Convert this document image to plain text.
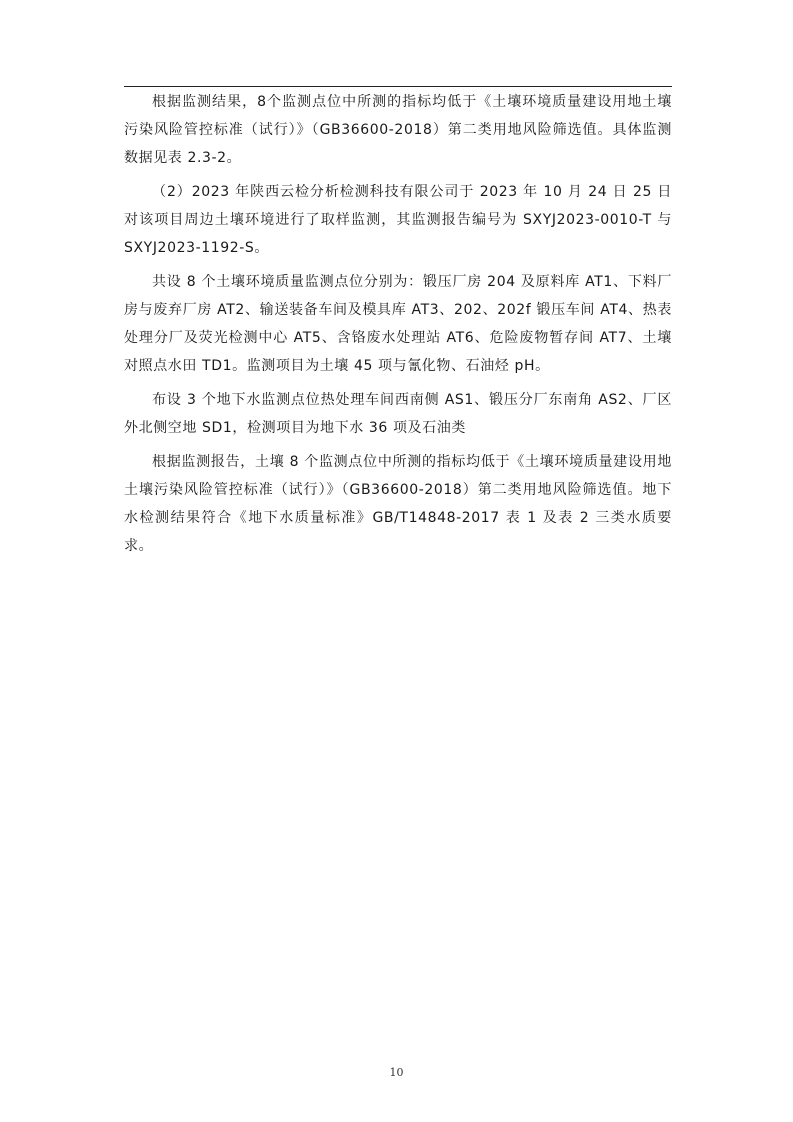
根据监测结果，8个监测点位中所测的指标均低于《土壤环境质量建设用地土壤污染风险管控标准（试行）》（GB36600-2018）第二类用地风险筛选值。具体监测数据见表 2.3-2。

（2）2023 年陕西云检分析检测科技有限公司于 2023 年 10 月 24 日 25 日对该项目周边土壤环境进行了取样监测，其监测报告编号为 SXYJ2023-0010-T 与 SXYJ2023-1192-S。

共设 8 个土壤环境质量监测点位分别为：锻压厂房 204 及原料库 AT1、下料厂房与废弃厂房 AT2、输送装备车间及模具库 AT3、202、202f 锻压车间 AT4、热表处理分厂及荧光检测中心 AT5、含铬废水处理站 AT6、危险废物暂存间 AT7、土壤对照点水田 TD1。监测项目为土壤 45 项与氰化物、石油烃 pH。

布设 3 个地下水监测点位热处理车间西南侧 AS1、锻压分厂东南角 AS2、厂区外北侧空地 SD1，检测项目为地下水 36 项及石油类

根据监测报告，土壤 8 个监测点位中所测的指标均低于《土壤环境质量建设用地土壤污染风险管控标准（试行）》（GB36600-2018）第二类用地风险筛选值。地下水检测结果符合《地下水质量标准》GB/T14848-2017 表 1 及表 2 三类水质要求。

10
